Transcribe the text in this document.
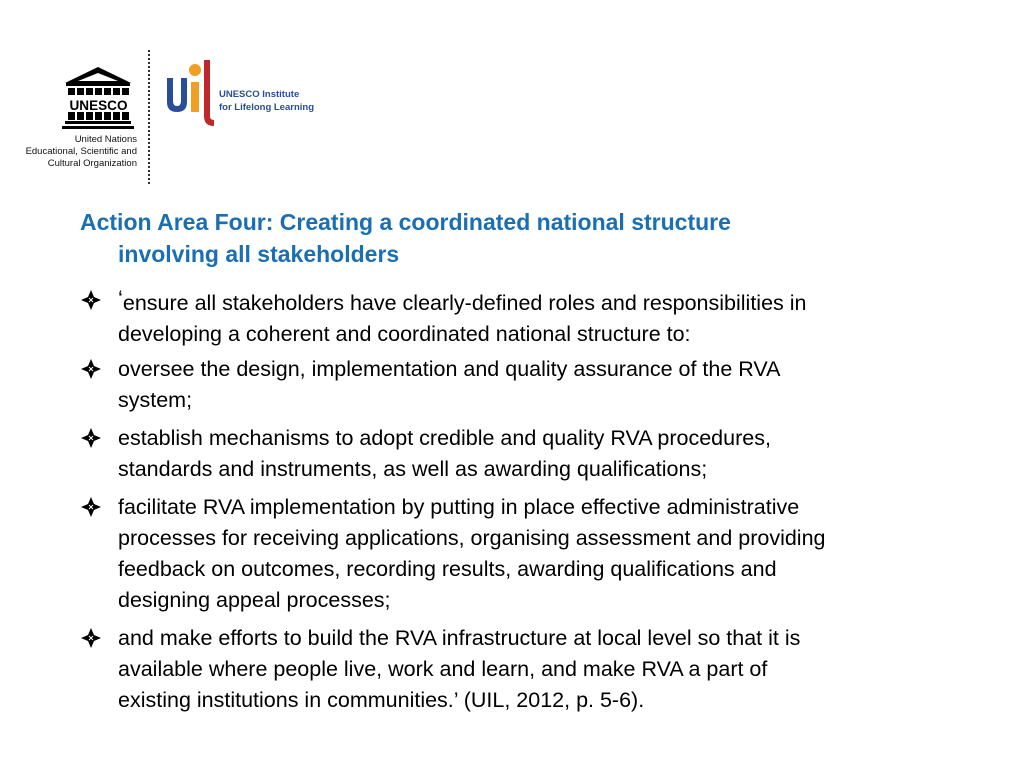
UNESCO
United Nations
Educational, Scientific and
Cultural Organization
UNESCO Institute
for Lifelong Learning
Action Area Four: Creating a coordinated national structure
involving all stakeholders
‘ensure all stakeholders have clearly-defined roles and responsibilities in
developing a coherent and coordinated national structure to:
oversee the design, implementation and quality assurance of the RVA
system;
establish mechanisms to adopt credible and quality RVA procedures,
standards and instruments, as well as awarding qualifications;
facilitate RVA implementation by putting in place effective administrative
processes for receiving applications, organising assessment and providing
feedback on outcomes, recording results, awarding qualifications and
designing appeal processes;
and make efforts to build the RVA infrastructure at local level so that it is
available where people live, work and learn, and make RVA a part of
existing institutions in communities.’ (UIL, 2012, p. 5-6).
